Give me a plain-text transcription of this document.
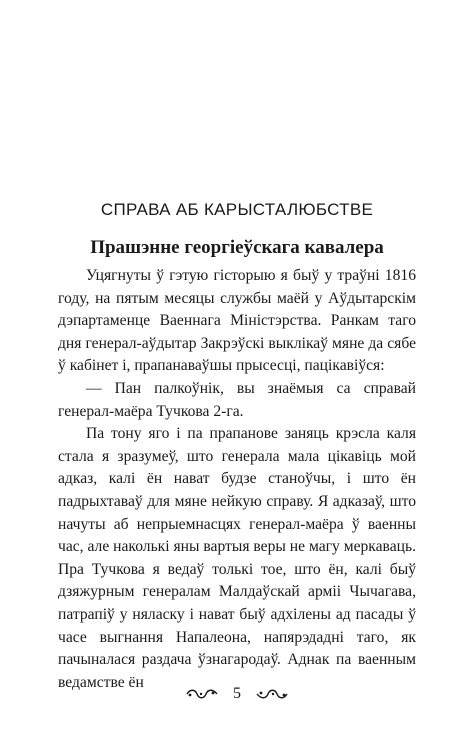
СПРАВА АБ КАРЫСТАЛЮБСТВЕ
Прашэнне георгіеўскага кавалера

Уцягнуты ў гэтую гісторыю я быў у траўні 1816 году, на пятым месяцы службы маёй у Аўдытарскім дэпартаменце Ваеннага Міністэрства. Ранкам таго дня генерал-аўдытар Закрэўскі выклікаў мяне да сябе ў кабінет і, прапанаваўшы прысесці, пацікавіўся:

— Пан палкоўнік, вы знаёмыя са справай генерал-маёра Тучкова 2-га.

Па тону яго і па прапанове заняць крэсла каля стала я зразумеў, што генерала мала цікавіць мой адказ, калі ён нават будзе станоўчы, і што ён падрыхтаваў для мяне нейкую справу. Я адказаў, што начуты аб непрыемнасцях генерал-маёра ў ваенны час, але наколькі яны вартыя веры не магу меркаваць. Пра Тучкова я ведаў толькі тое, што ён, калі быў дзяжурным генералам Малдаўскай арміі Чычагава, патрапіў у няласку і нават быў адхілены ад пасады ў часе выгнання Напалеона, напярэдадні таго, як пачыналася раздача ўзнагародаў. Аднак па ваенным ведамстве ён

5
